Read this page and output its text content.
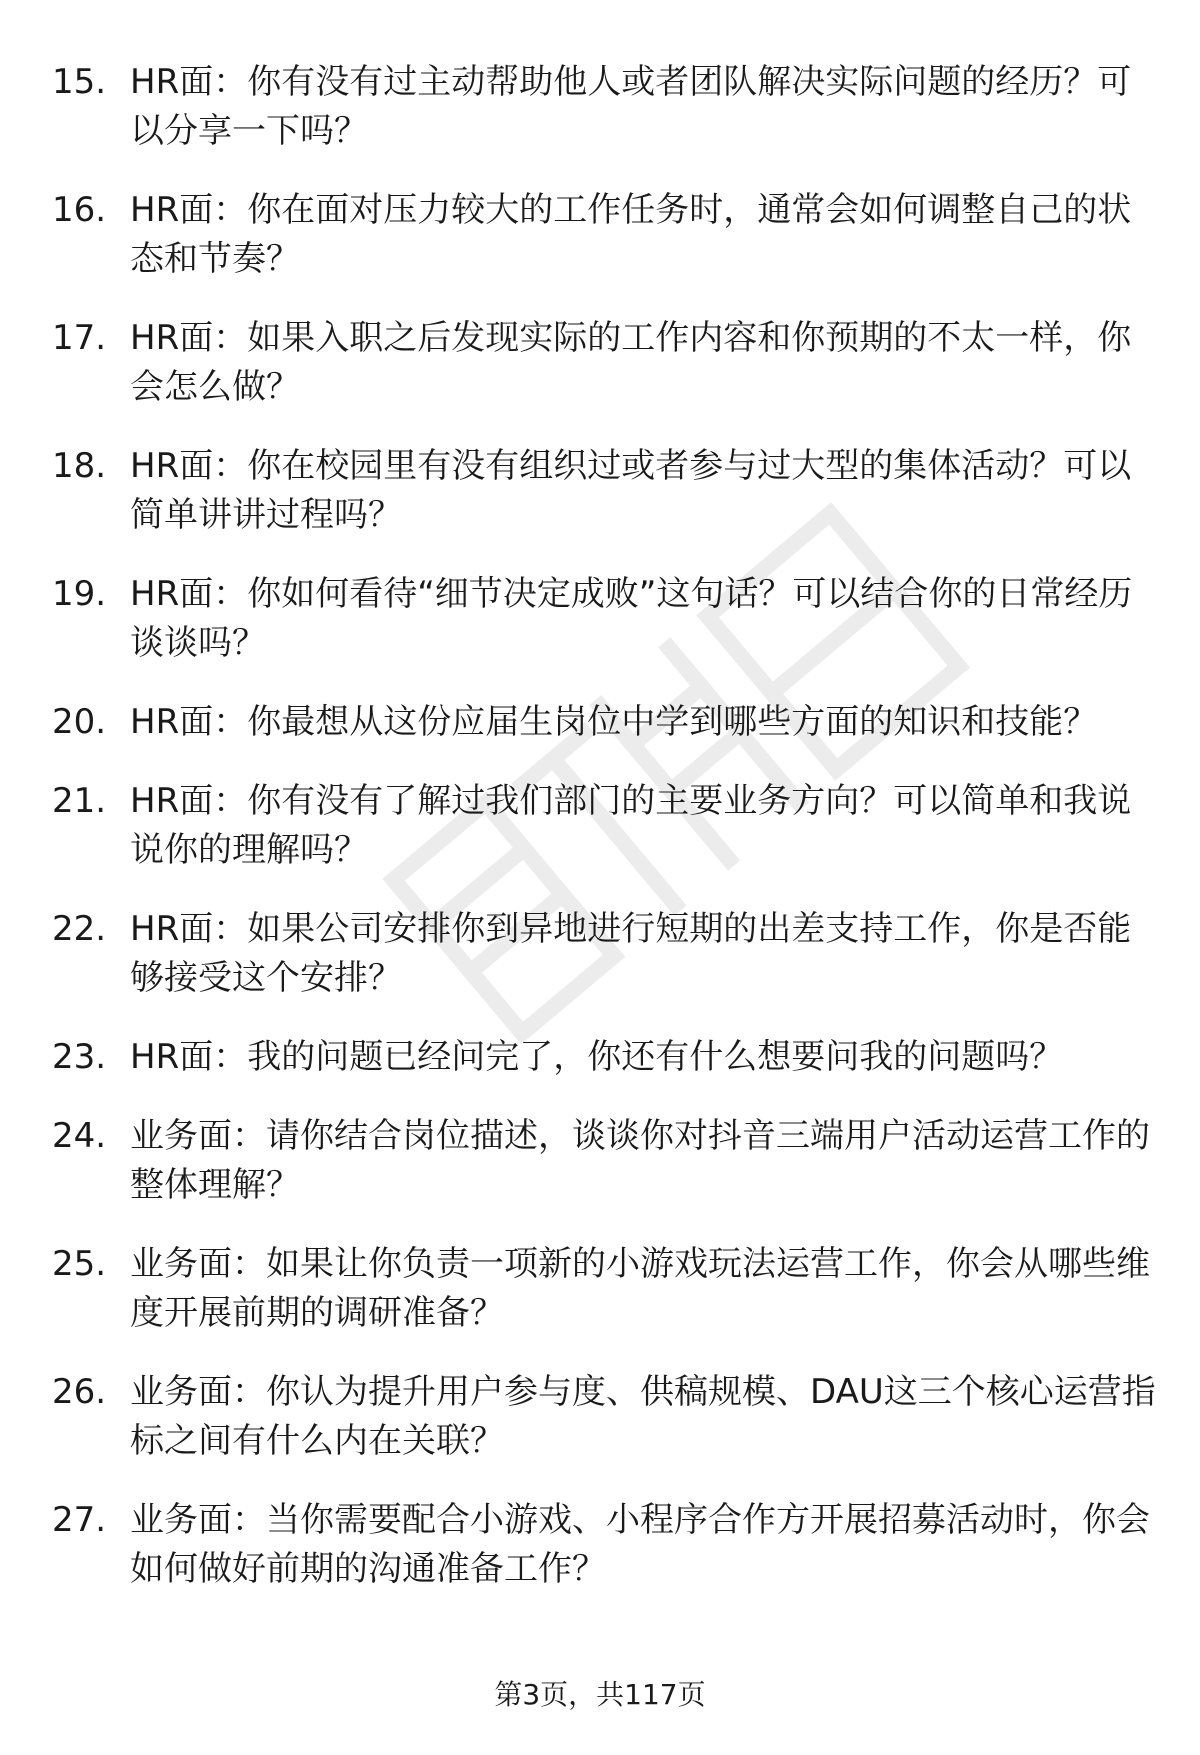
15. HR面：你有没有过主动帮助他人或者团队解决实际问题的经历？可以分享一下吗？
16. HR面：你在面对压力较大的工作任务时，通常会如何调整自己的状态和节奏？
17. HR面：如果入职之后发现实际的工作内容和你预期的不太一样，你会怎么做？
18. HR面：你在校园里有没有组织过或者参与过大型的集体活动？可以简单讲讲过程吗？
19. HR面：你如何看待“细节决定成败”这句话？可以结合你的日常经历谈谈吗？
20. HR面：你最想从这份应届生岗位中学到哪些方面的知识和技能？
21. HR面：你有没有了解过我们部门的主要业务方向？可以简单和我说说你的理解吗？
22. HR面：如果公司安排你到异地进行短期的出差支持工作，你是否能够接受这个安排？
23. HR面：我的问题已经问完了，你还有什么想要问我的问题吗？
24. 业务面：请你结合岗位描述，谈谈你对抖音三端用户活动运营工作的整体理解？
25. 业务面：如果让你负责一项新的小游戏玩法运营工作，你会从哪些维度开展前期的调研准备？
26. 业务面：你认为提升用户参与度、供稿规模、DAU这三个核心运营指标之间有什么内在关联？
27. 业务面：当你需要配合小游戏、小程序合作方开展招募活动时，你会如何做好前期的沟通准备工作？
第3页，共117页
